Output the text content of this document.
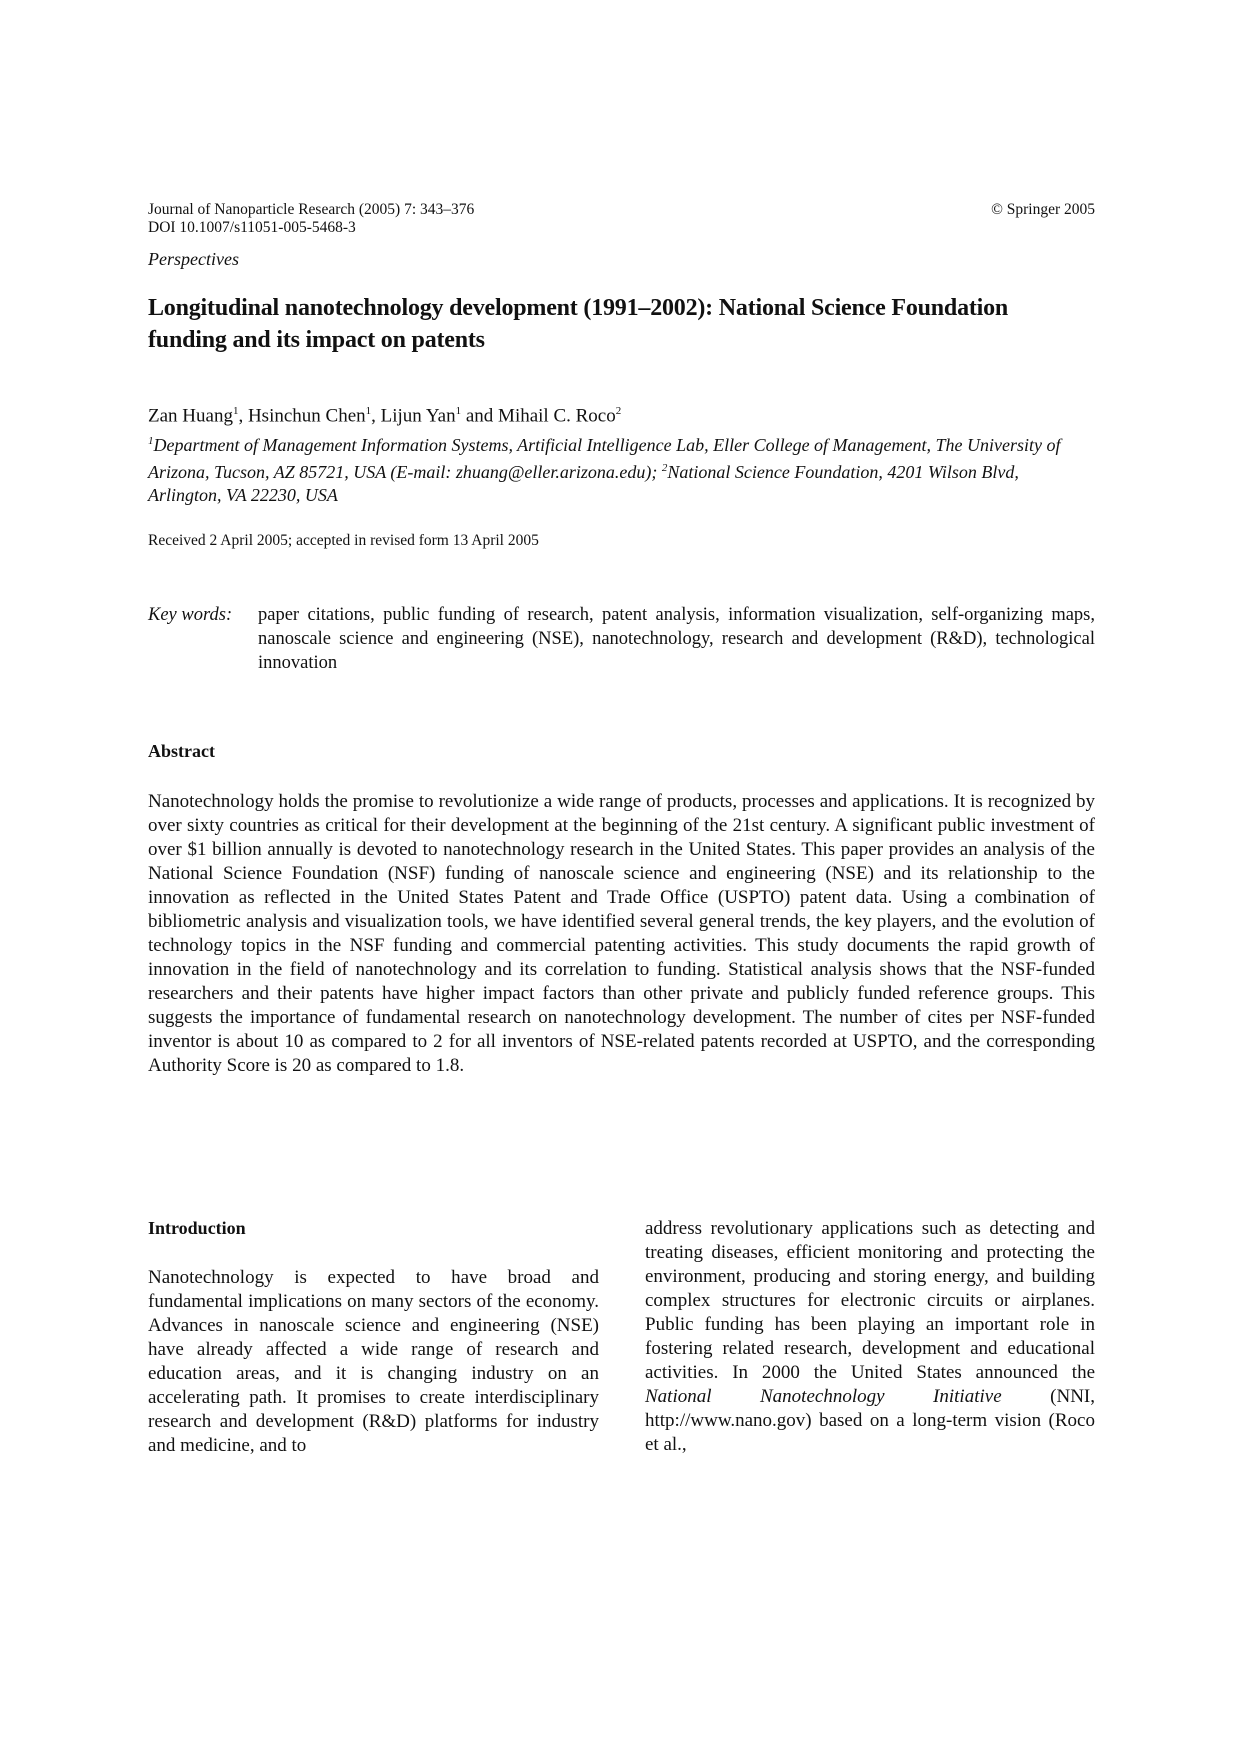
Journal of Nanoparticle Research (2005) 7: 343–376
DOI 10.1007/s11051-005-5468-3
© Springer 2005
Perspectives
Longitudinal nanotechnology development (1991–2002): National Science Foundation funding and its impact on patents
Zan Huang$^1$, Hsinchun Chen$^1$, Lijun Yan$^1$ and Mihail C. Roco$^2$
$^1$Department of Management Information Systems, Artificial Intelligence Lab, Eller College of Management, The University of Arizona, Tucson, AZ 85721, USA (E-mail: zhuang@eller.arizona.edu); $^2$National Science Foundation, 4201 Wilson Blvd, Arlington, VA 22230, USA
Received 2 April 2005; accepted in revised form 13 April 2005
Key words:	paper citations, public funding of research, patent analysis, information visualization, self-organizing maps, nanoscale science and engineering (NSE), nanotechnology, research and development (R&D), technological innovation
Abstract

Nanotechnology holds the promise to revolutionize a wide range of products, processes and applications. It is recognized by over sixty countries as critical for their development at the beginning of the 21st century. A significant public investment of over $1 billion annually is devoted to nanotechnology research in the United States. This paper provides an analysis of the National Science Foundation (NSF) funding of nanoscale science and engineering (NSE) and its relationship to the innovation as reflected in the United States Patent and Trade Office (USPTO) patent data. Using a combination of bibliometric analysis and visualization tools, we have identified several general trends, the key players, and the evolution of technology topics in the NSF funding and commercial patenting activities. This study documents the rapid growth of innovation in the field of nanotechnology and its correlation to funding. Statistical analysis shows that the NSF-funded researchers and their patents have higher impact factors than other private and publicly funded reference groups. This suggests the importance of fundamental research on nanotechnology development. The number of cites per NSF-funded inventor is about 10 as compared to 2 for all inventors of NSE-related patents recorded at USPTO, and the corresponding Authority Score is 20 as compared to 1.8.

Introduction

Nanotechnology is expected to have broad and fundamental implications on many sectors of the economy. Advances in nanoscale science and engineering (NSE) have already affected a wide range of research and education areas, and it is changing industry on an accelerating path. It promises to create interdisciplinary research and development (R&D) platforms for industry and medicine, and to

address revolutionary applications such as detecting and treating diseases, efficient monitoring and protecting the environment, producing and storing energy, and building complex structures for electronic circuits or airplanes. Public funding has been playing an important role in fostering related research, development and educational activities. In 2000 the United States announced the National Nanotechnology Initiative (NNI, http://www.nano.gov) based on a long-term vision (Roco et al.,
